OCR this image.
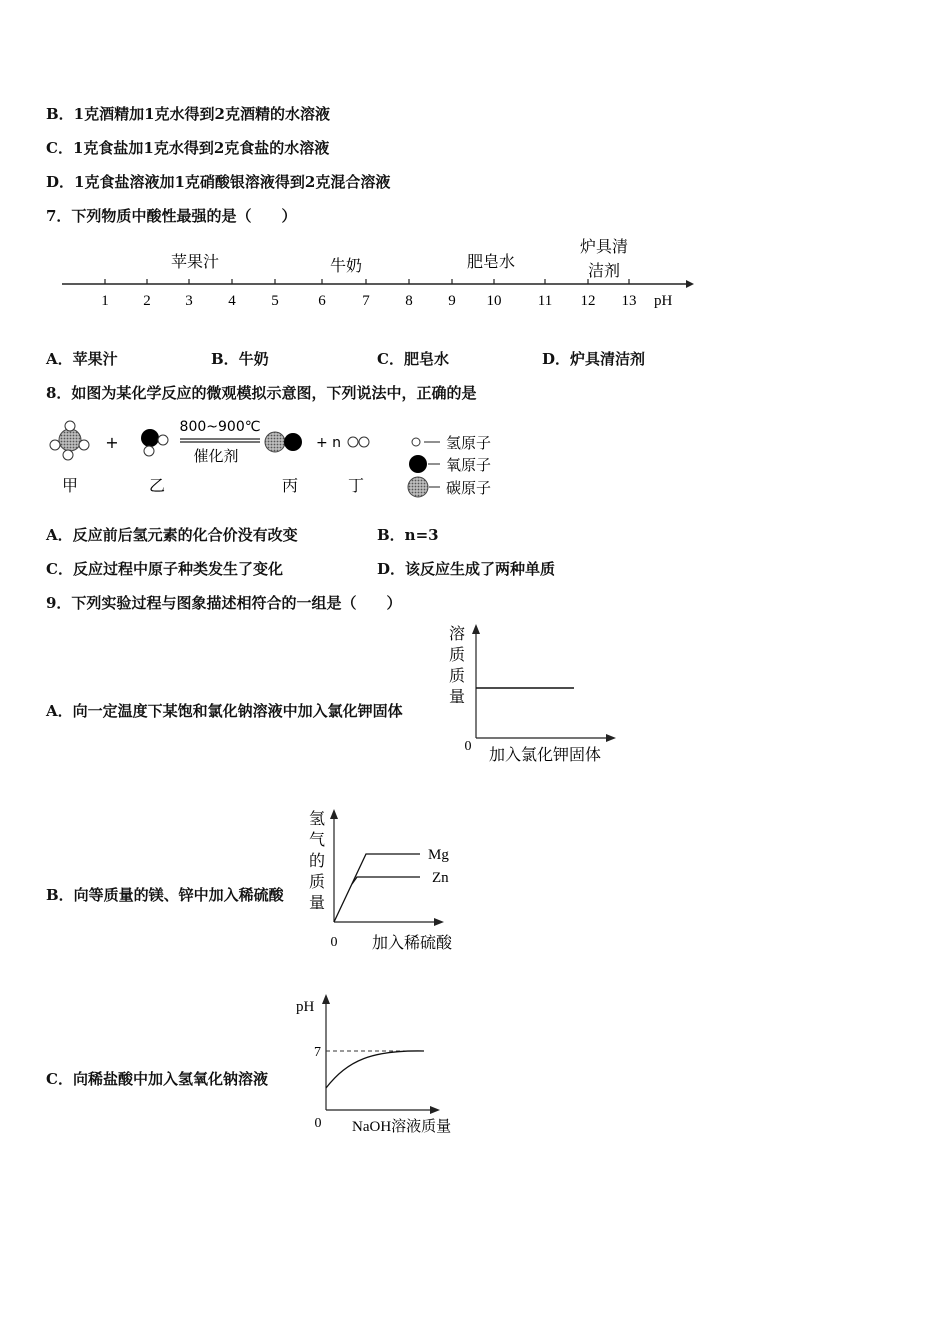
B．1克酒精加1克水得到2克酒精的水溶液
C．1克食盐加1克水得到2克食盐的水溶液
D．1克食盐溶液加1克硝酸银溶液得到2克混合溶液
7．下列物质中酸性最强的是（　　）
1 2 3 4 5	6 7 8 9 10 11 12 13 pH
苹果汁	牛奶	肥皂水
炉具清
洁剂
A．苹果汁	B．牛奶	C．肥皂水	D．炉具清洁剂
8．如图为某化学反应的微观模拟示意图，下列说法中，正确的是
+
800~900℃
催化剂
+ n
甲	乙	丙	丁
氢原子
氧原子
碳原子
A．反应前后氢元素的化合价没有改变	B．n=3
C．反应过程中原子种类发生了变化	D．该反应生成了两种单质
9．下列实验过程与图象描述相符合的一组是（　　）
A．向一定温度下某饱和氯化钠溶液中加入氯化钾固体
溶
质
质
量
0 加入氯化钾固体
B．向等质量的镁、锌中加入稀硫酸
Mg
Zn
氢
气
的
质
量
0 加入稀硫酸
C．向稀盐酸中加入氢氧化钠溶液
pH
7
0 NaOH溶液质量
